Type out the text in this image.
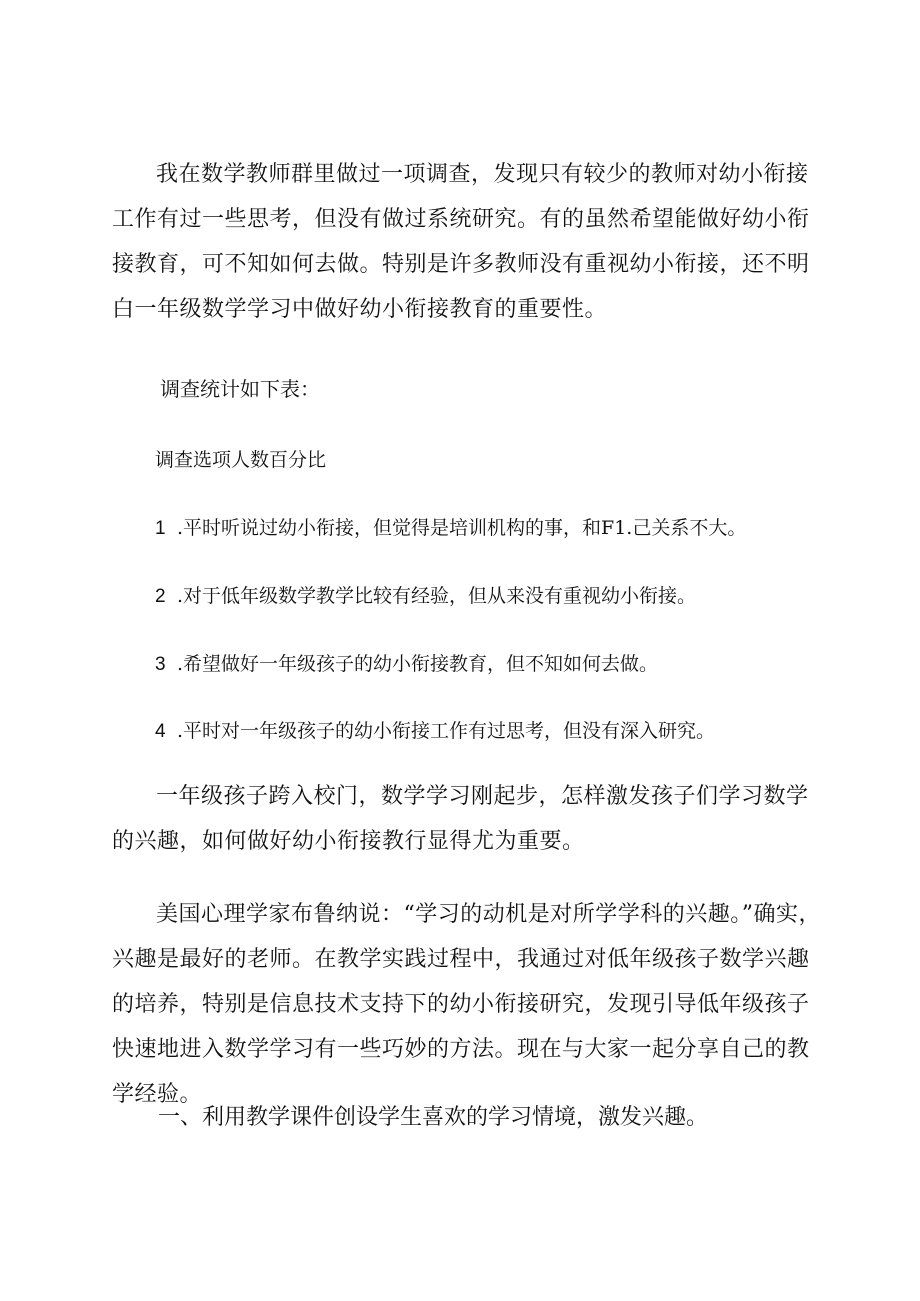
我在数学教师群里做过一项调查，发现只有较少的教师对幼小衔接工作有过一些思考，但没有做过系统研究。有的虽然希望能做好幼小衔接教育，可不知如何去做。特别是许多教师没有重视幼小衔接，还不明白一年级数学学习中做好幼小衔接教育的重要性。

调查统计如下表：

调查选项人数百分比

1 .平时听说过幼小衔接，但觉得是培训机构的事，和F1.己关系不大。

2 .对于低年级数学教学比较有经验，但从来没有重视幼小衔接。

3 .希望做好一年级孩子的幼小衔接教育，但不知如何去做。

4 .平时对一年级孩子的幼小衔接工作有过思考，但没有深入研究。

一年级孩子跨入校门，数学学习刚起步，怎样激发孩子们学习数学的兴趣，如何做好幼小衔接教行显得尤为重要。

美国心理学家布鲁纳说：“学习的动机是对所学学科的兴趣。”确实，兴趣是最好的老师。在教学实践过程中，我通过对低年级孩子数学兴趣的培养，特别是信息技术支持下的幼小衔接研究，发现引导低年级孩子快速地进入数学学习有一些巧妙的方法。现在与大家一起分享自己的教学经验。

一、利用教学课件创设学生喜欢的学习情境，激发兴趣。
